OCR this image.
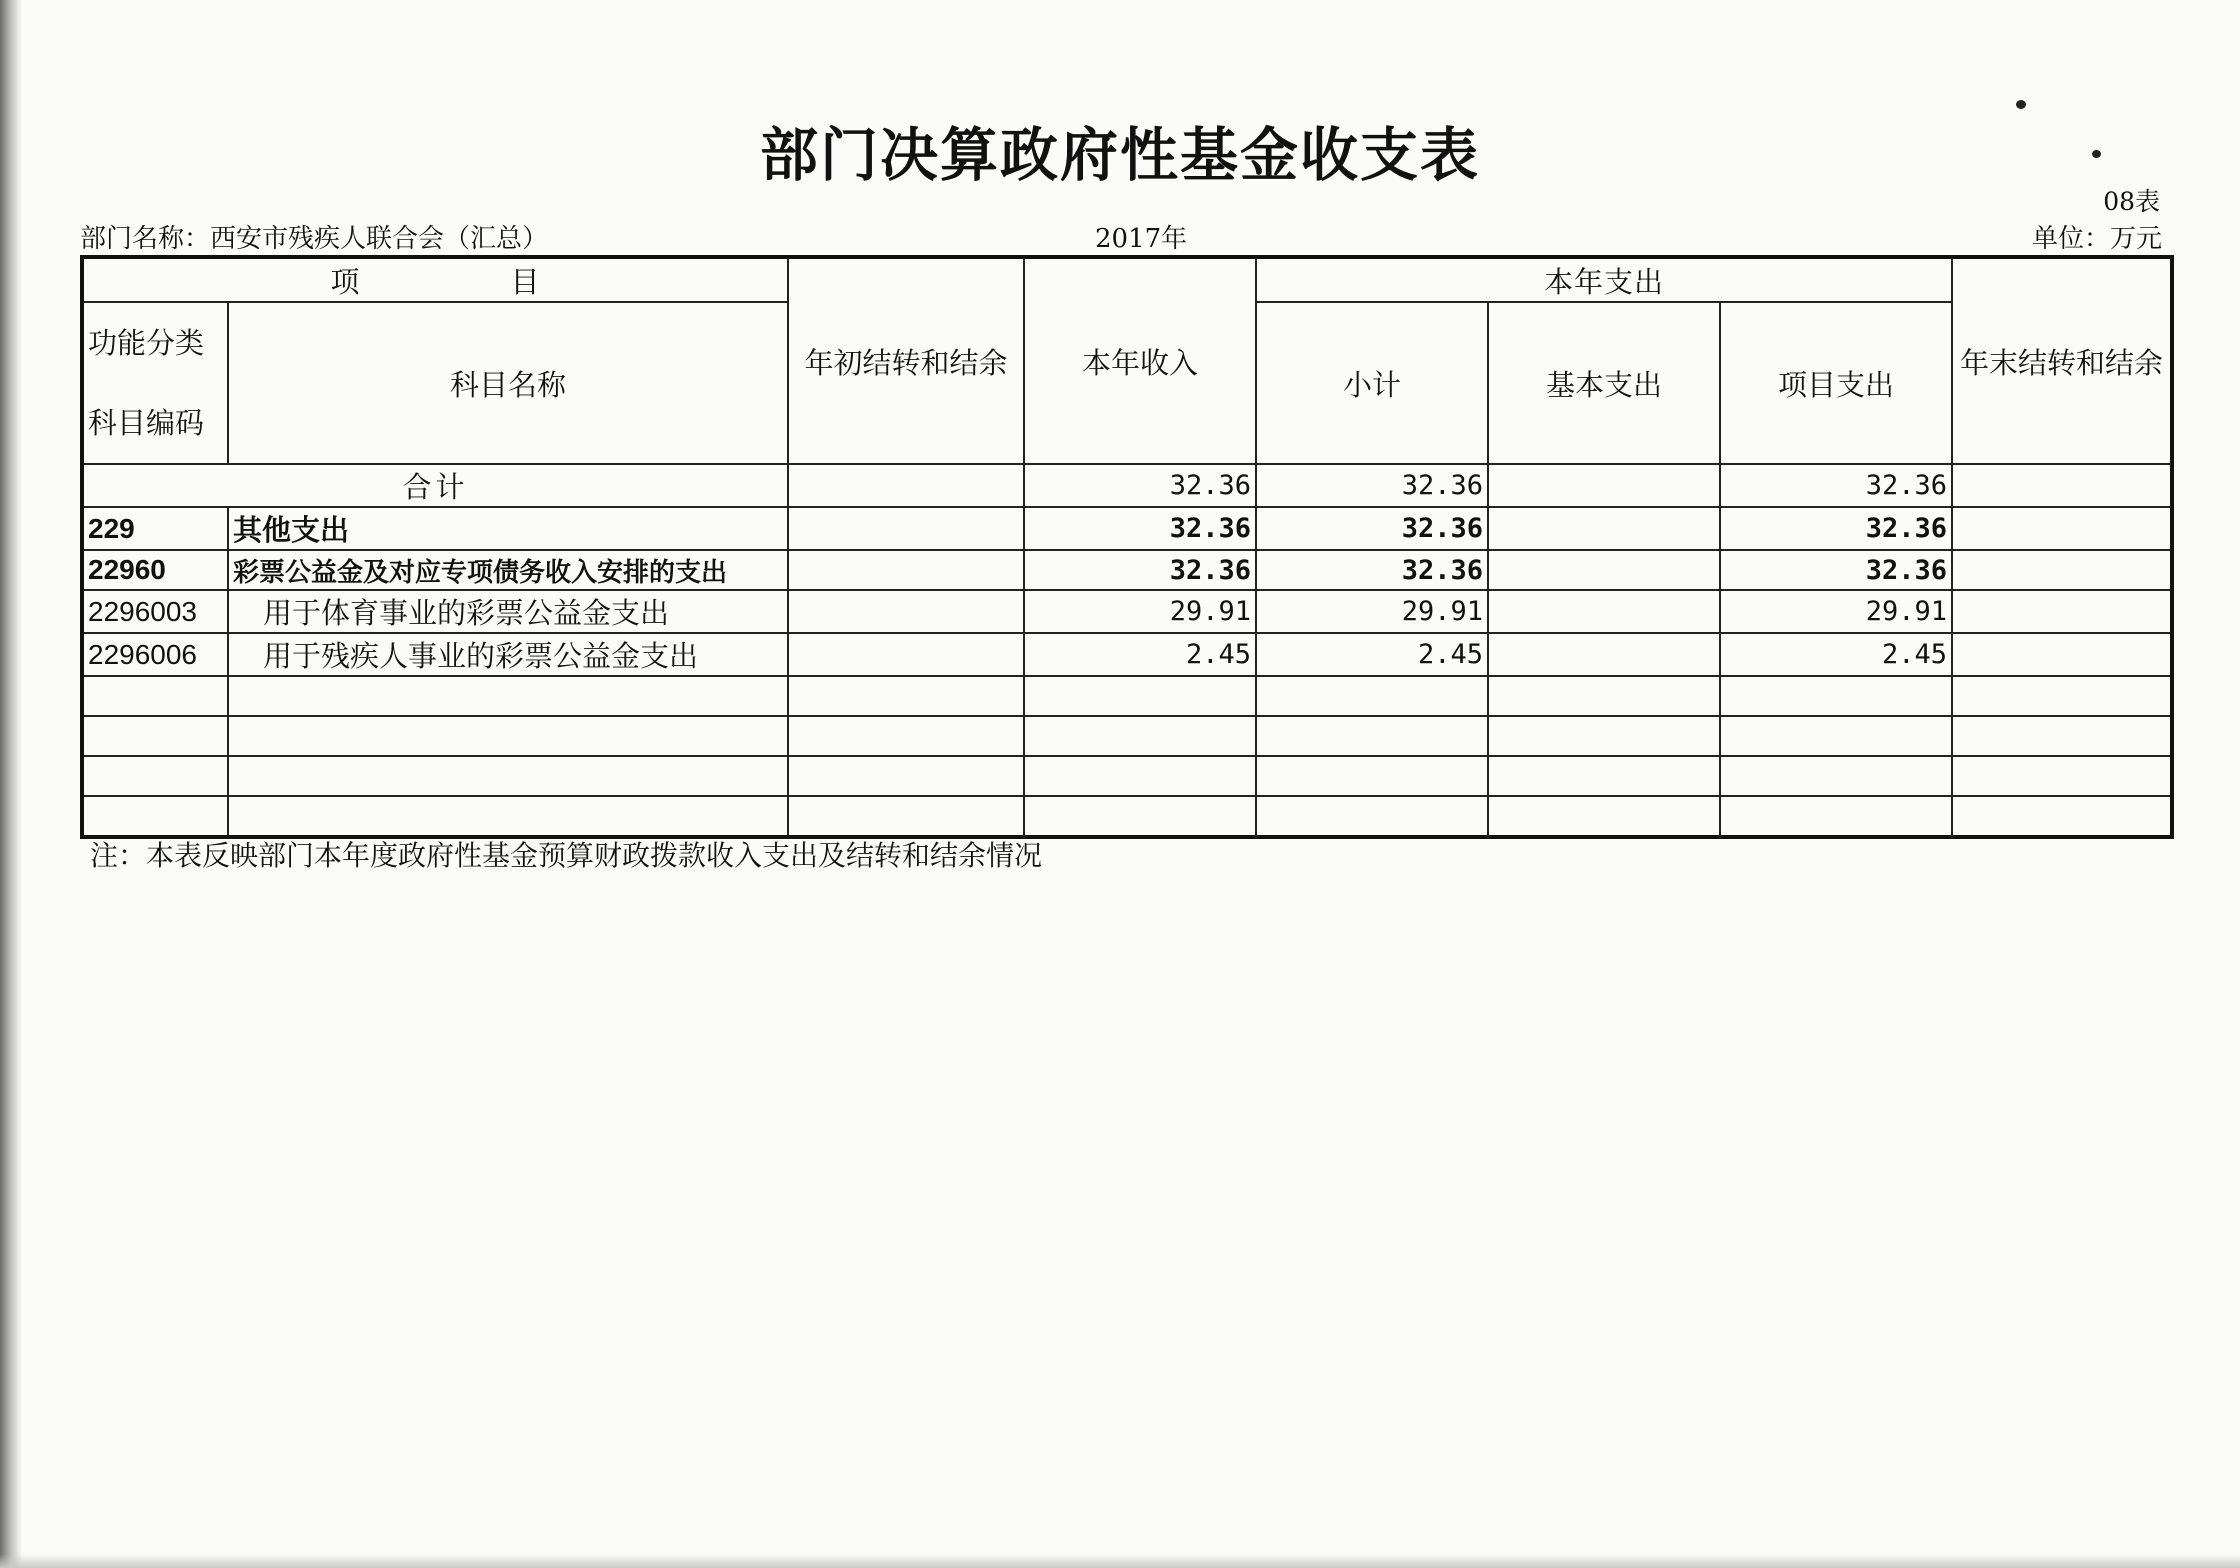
部门决算政府性基金收支表
08表
部门名称：西安市残疾人联合会（汇总）	2017年	单位：万元
项 目		年初结转和结余	本年收入	本年支出			年末结转和结余

功能分类
科目编码	科目名称			小计	基本支出	项目支出	
合计			32.36	32.36		32.36	
229	其他支出		32.36	32.36		32.36	
22960	彩票公益金及对应专项债务收入安排的支出		32.36	32.36		32.36	
2296003	用于体育事业的彩票公益金支出		29.91	29.91		29.91	
2296006	用于残疾人事业的彩票公益金支出		2.45	2.45		2.45	

注：本表反映部门本年度政府性基金预算财政拨款收入支出及结转和结余情况
